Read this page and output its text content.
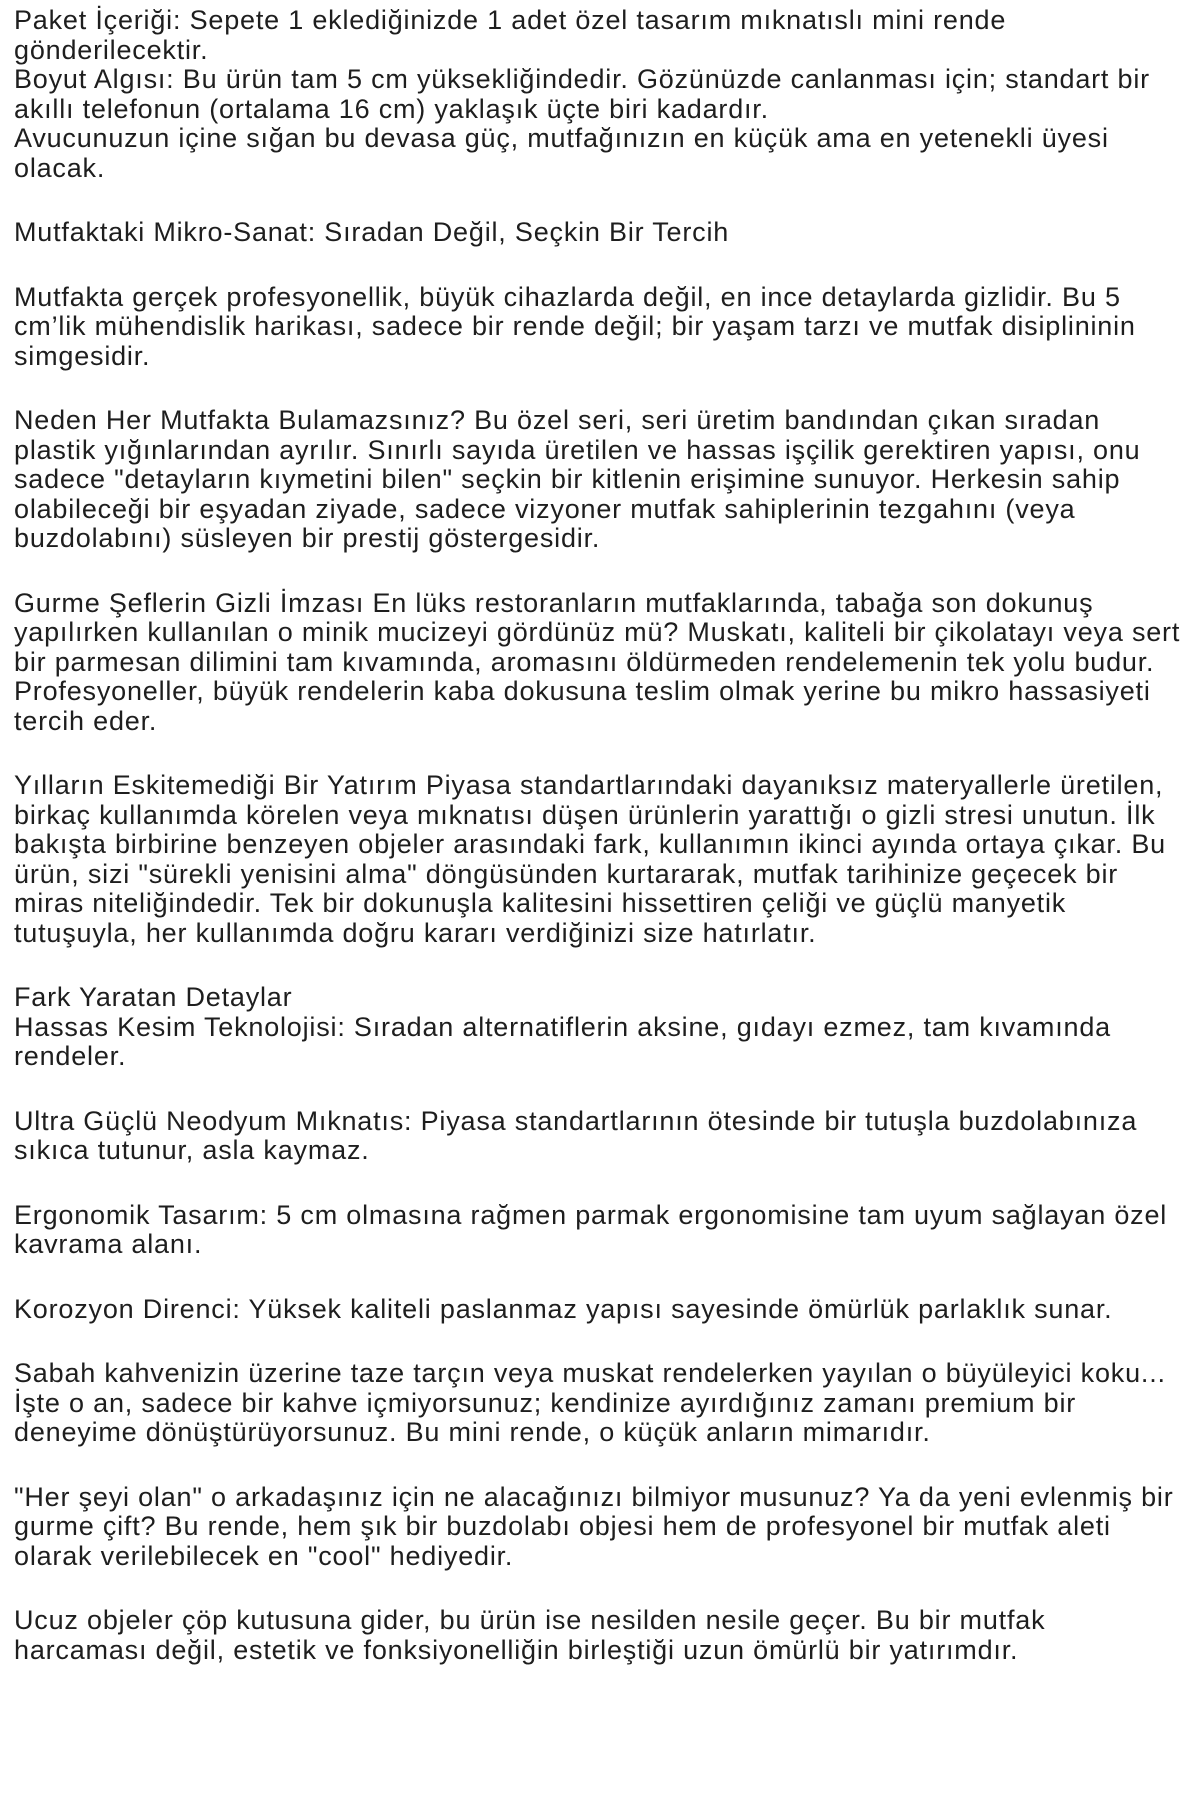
Paket İçeriği: Sepete 1 eklediğinizde 1 adet özel tasarım mıknatıslı mini rende gönderilecektir.
Boyut Algısı: Bu ürün tam 5 cm yüksekliğindedir. Gözünüzde canlanması için; standart bir akıllı telefonun (ortalama 16 cm) yaklaşık üçte biri kadardır.
Avucunuzun içine sığan bu devasa güç, mutfağınızın en küçük ama en yetenekli üyesi olacak.
Mutfaktaki Mikro-Sanat: Sıradan Değil, Seçkin Bir Tercih
Mutfakta gerçek profesyonellik, büyük cihazlarda değil, en ince detaylarda gizlidir. Bu 5 cm’lik mühendislik harikası, sadece bir rende değil; bir yaşam tarzı ve mutfak disiplininin simgesidir.
Neden Her Mutfakta Bulamazsınız? Bu özel seri, seri üretim bandından çıkan sıradan plastik yığınlarından ayrılır. Sınırlı sayıda üretilen ve hassas işçilik gerektiren yapısı, onu sadece "detayların kıymetini bilen" seçkin bir kitlenin erişimine sunuyor. Herkesin sahip olabileceği bir eşyadan ziyade, sadece vizyoner mutfak sahiplerinin tezgahını (veya buzdolabını) süsleyen bir prestij göstergesidir.
Gurme Şeflerin Gizli İmzası En lüks restoranların mutfaklarında, tabağa son dokunuş yapılırken kullanılan o minik mucizeyi gördünüz mü? Muskatı, kaliteli bir çikolatayı veya sert bir parmesan dilimini tam kıvamında, aromasını öldürmeden rendelemenin tek yolu budur. Profesyoneller, büyük rendelerin kaba dokusuna teslim olmak yerine bu mikro hassasiyeti tercih eder.
Yılların Eskitemediği Bir Yatırım Piyasa standartlarındaki dayanıksız materyallerle üretilen, birkaç kullanımda körelen veya mıknatısı düşen ürünlerin yarattığı o gizli stresi unutun. İlk bakışta birbirine benzeyen objeler arasındaki fark, kullanımın ikinci ayında ortaya çıkar. Bu ürün, sizi "sürekli yenisini alma" döngüsünden kurtararak, mutfak tarihinize geçecek bir miras niteliğindedir. Tek bir dokunuşla kalitesini hissettiren çeliği ve güçlü manyetik tutuşuyla, her kullanımda doğru kararı verdiğinizi size hatırlatır.
Fark Yaratan Detaylar
Hassas Kesim Teknolojisi: Sıradan alternatiflerin aksine, gıdayı ezmez, tam kıvamında rendeler.
Ultra Güçlü Neodyum Mıknatıs: Piyasa standartlarının ötesinde bir tutuşla buzdolabınıza sıkıca tutunur, asla kaymaz.
Ergonomik Tasarım: 5 cm olmasına rağmen parmak ergonomisine tam uyum sağlayan özel kavrama alanı.
Korozyon Direnci: Yüksek kaliteli paslanmaz yapısı sayesinde ömürlük parlaklık sunar.
Sabah kahvenizin üzerine taze tarçın veya muskat rendelerken yayılan o büyüleyici koku... İşte o an, sadece bir kahve içmiyorsunuz; kendinize ayırdığınız zamanı premium bir deneyime dönüştürüyorsunuz. Bu mini rende, o küçük anların mimarıdır.
"Her şeyi olan" o arkadaşınız için ne alacağınızı bilmiyor musunuz? Ya da yeni evlenmiş bir gurme çift? Bu rende, hem şık bir buzdolabı objesi hem de profesyonel bir mutfak aleti olarak verilebilecek en "cool" hediyedir.
Ucuz objeler çöp kutusuna gider, bu ürün ise nesilden nesile geçer. Bu bir mutfak harcaması değil, estetik ve fonksiyonelliğin birleştiği uzun ömürlü bir yatırımdır.
